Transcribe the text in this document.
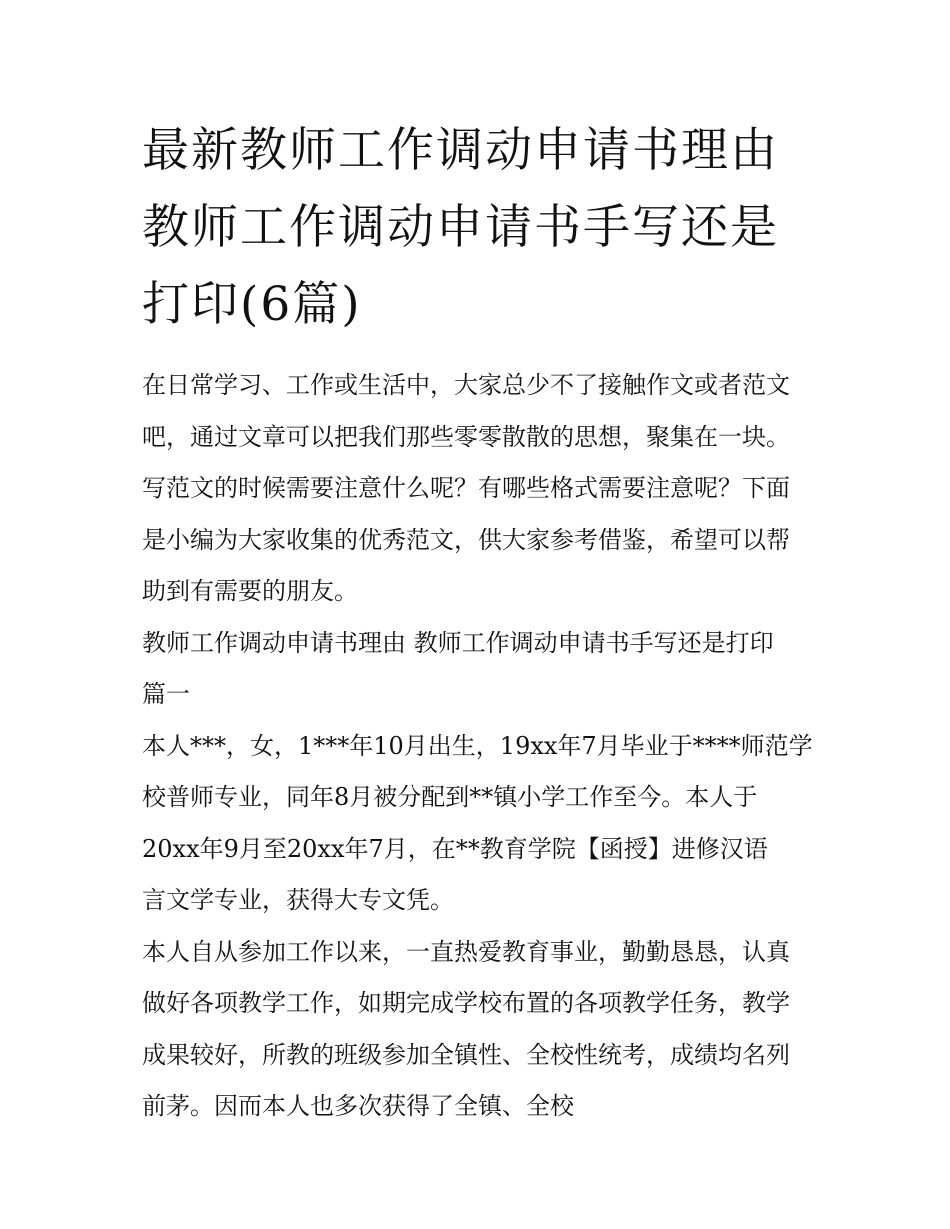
最新教师工作调动申请书理由
教师工作调动申请书手写还是
打印(6篇)

在日常学习、工作或生活中，大家总少不了接触作文或者范文
吧，通过文章可以把我们那些零零散散的思想，聚集在一块。
写范文的时候需要注意什么呢？有哪些格式需要注意呢？下面
是小编为大家收集的优秀范文，供大家参考借鉴，希望可以帮
助到有需要的朋友。

教师工作调动申请书理由 教师工作调动申请书手写还是打印
篇一

本人***，女，1***年10月出生，19xx年7月毕业于****师范学
校普师专业，同年8月被分配到**镇小学工作至今。本人于
20xx年9月至20xx年7月，在**教育学院【函授】进修汉语
言文学专业，获得大专文凭。

本人自从参加工作以来，一直热爱教育事业，勤勤恳恳，认真
做好各项教学工作，如期完成学校布置的各项教学任务，教学
成果较好，所教的班级参加全镇性、全校性统考，成绩均名列
前茅。因而本人也多次获得了全镇、全校
